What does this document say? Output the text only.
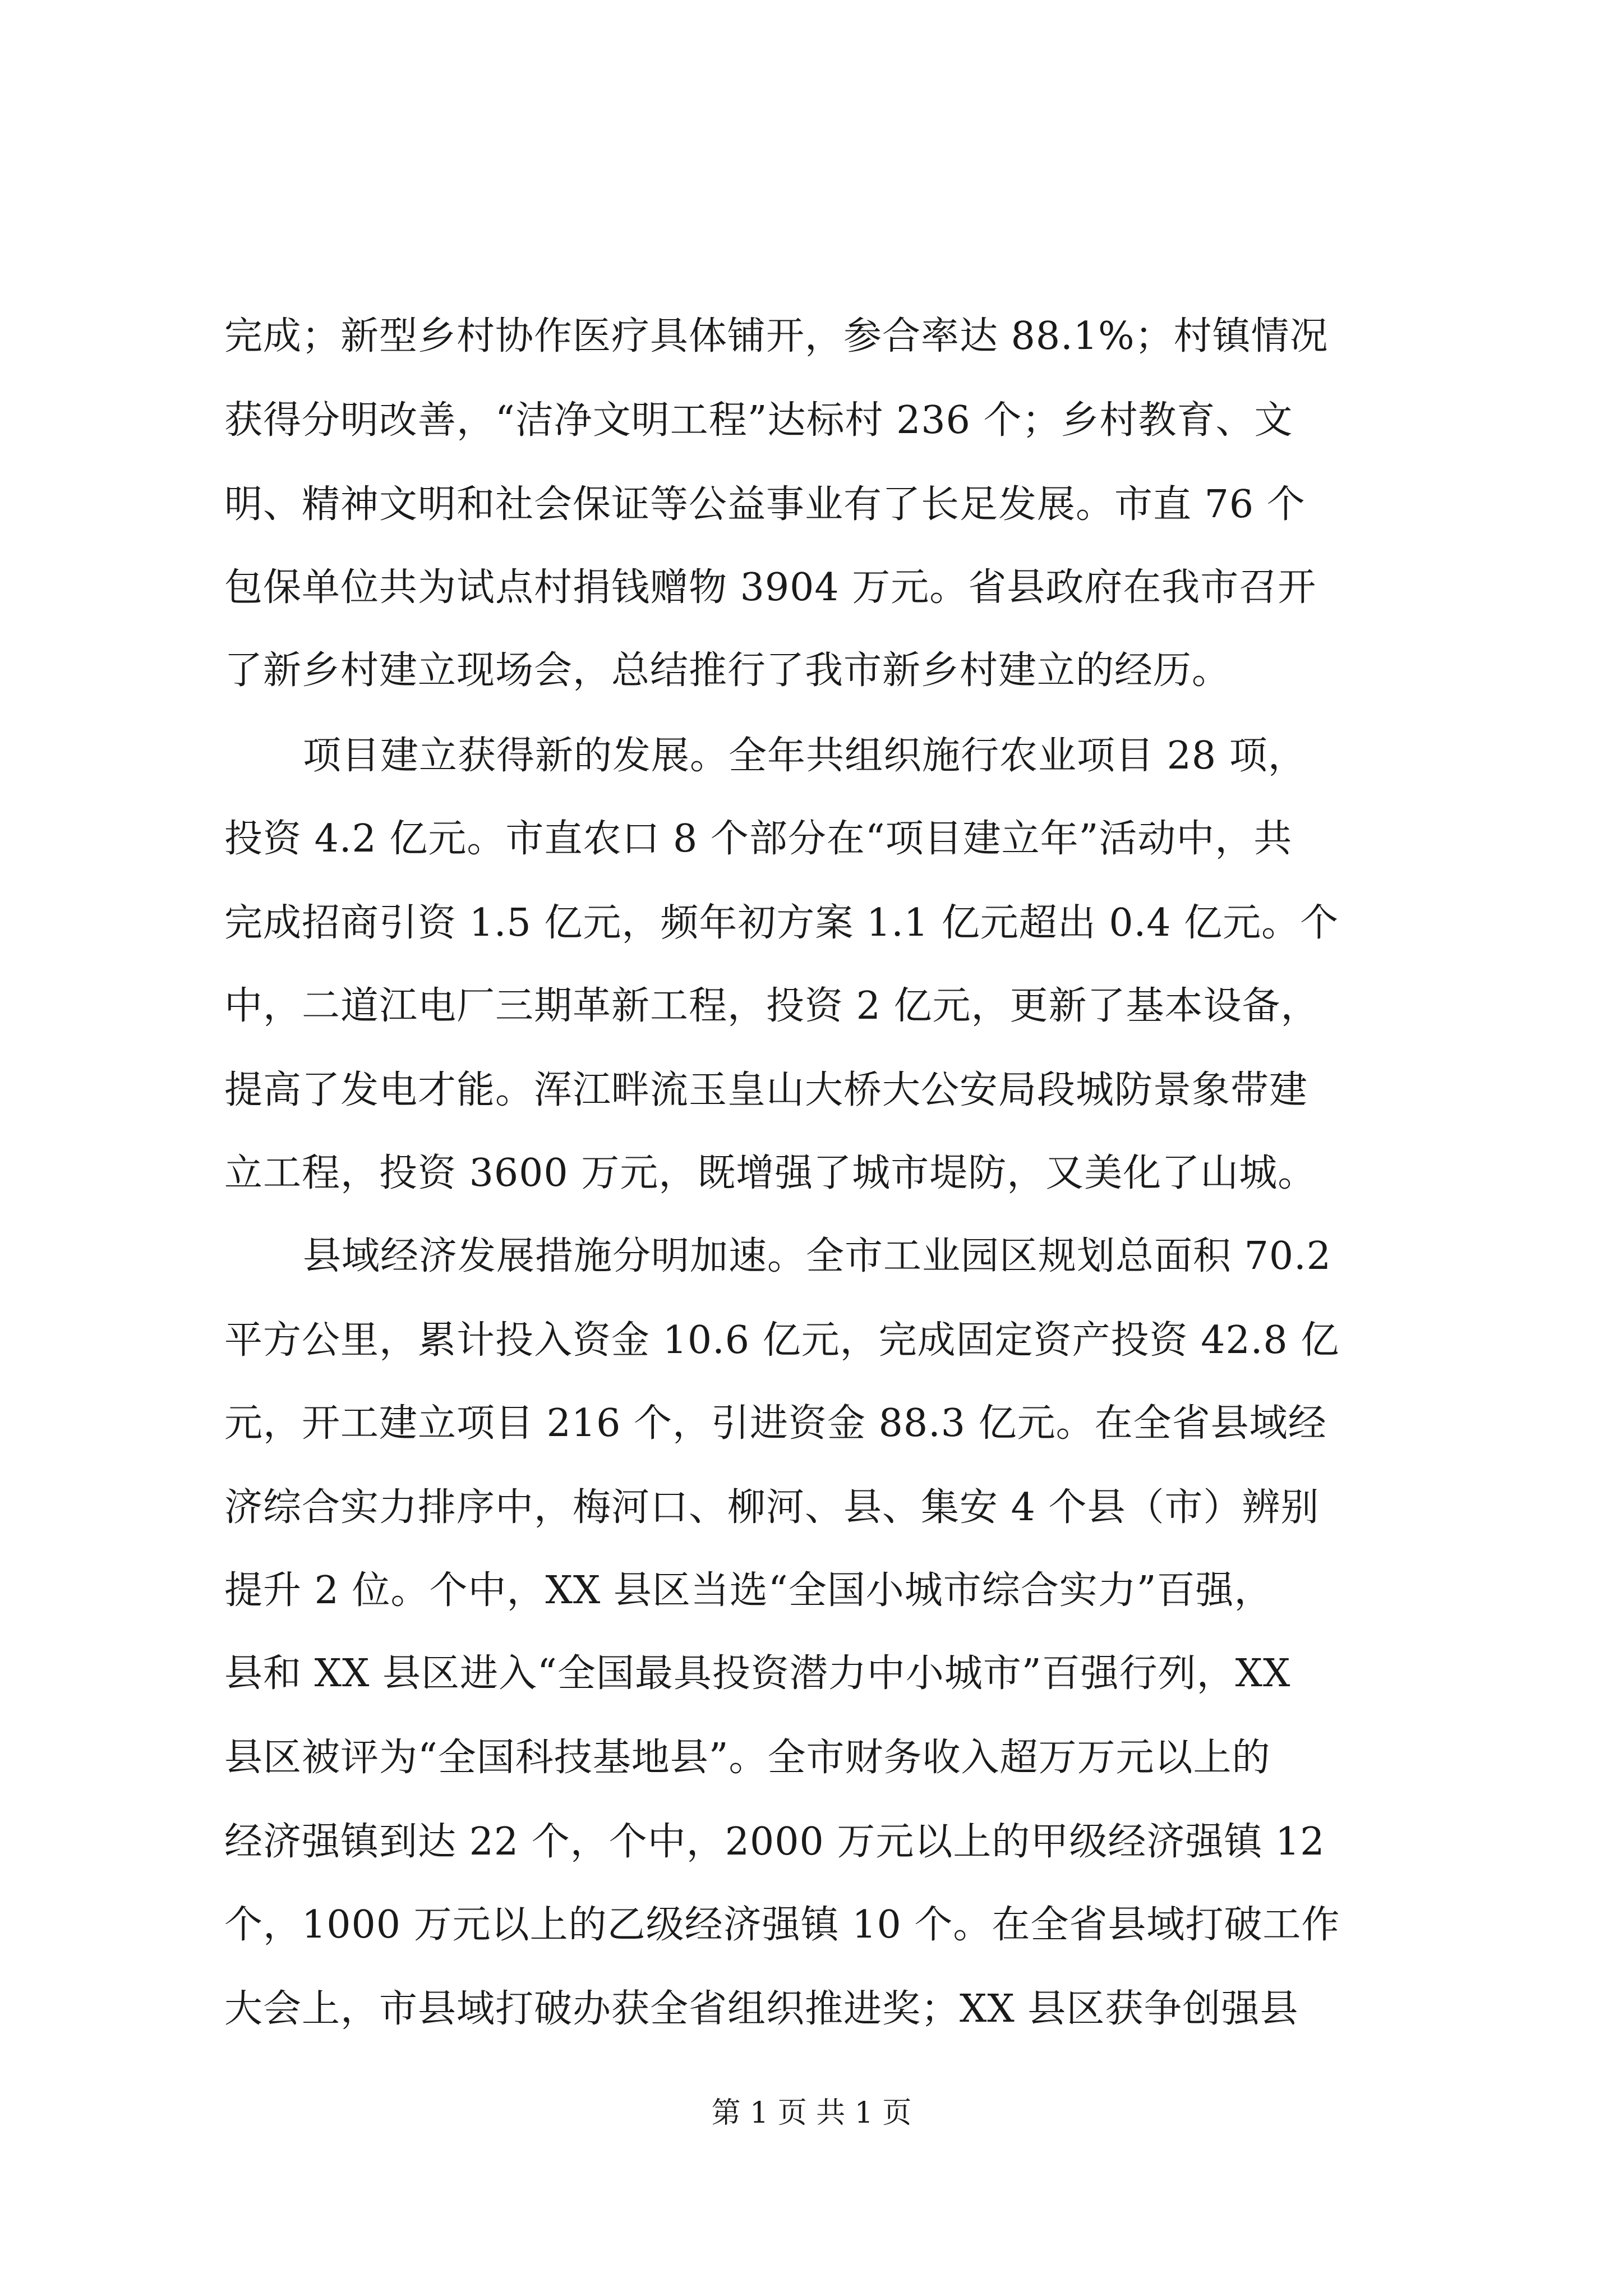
完成；新型乡村协作医疗具体铺开，参合率达 88.1%；村镇情况
获得分明改善，“洁净文明工程”达标村 236 个；乡村教育、文
明、精神文明和社会保证等公益事业有了长足发展。市直 76 个
包保单位共为试点村捐钱赠物 3904 万元。省县政府在我市召开
了新乡村建立现场会，总结推行了我市新乡村建立的经历。
项目建立获得新的发展。全年共组织施行农业项目 28 项，
投资 4.2 亿元。市直农口 8 个部分在“项目建立年”活动中，共
完成招商引资 1.5 亿元，频年初方案 1.1 亿元超出 0.4 亿元。个
中，二道江电厂三期革新工程，投资 2 亿元，更新了基本设备，
提高了发电才能。浑江畔流玉皇山大桥大公安局段城防景象带建
立工程，投资 3600 万元，既增强了城市堤防，又美化了山城。
县域经济发展措施分明加速。全市工业园区规划总面积 70.2
平方公里，累计投入资金 10.6 亿元，完成固定资产投资 42.8 亿
元，开工建立项目 216 个，引进资金 88.3 亿元。在全省县域经
济综合实力排序中，梅河口、柳河、县、集安 4 个县（市）辨别
提升 2 位。个中，XX 县区当选“全国小城市综合实力”百强，
县和 XX 县区进入“全国最具投资潜力中小城市”百强行列，XX
县区被评为“全国科技基地县”。全市财务收入超万万元以上的
经济强镇到达 22 个，个中，2000 万元以上的甲级经济强镇 12
个，1000 万元以上的乙级经济强镇 10 个。在全省县域打破工作
大会上，市县域打破办获全省组织推进奖；XX 县区获争创强县
第 1 页 共 1 页
